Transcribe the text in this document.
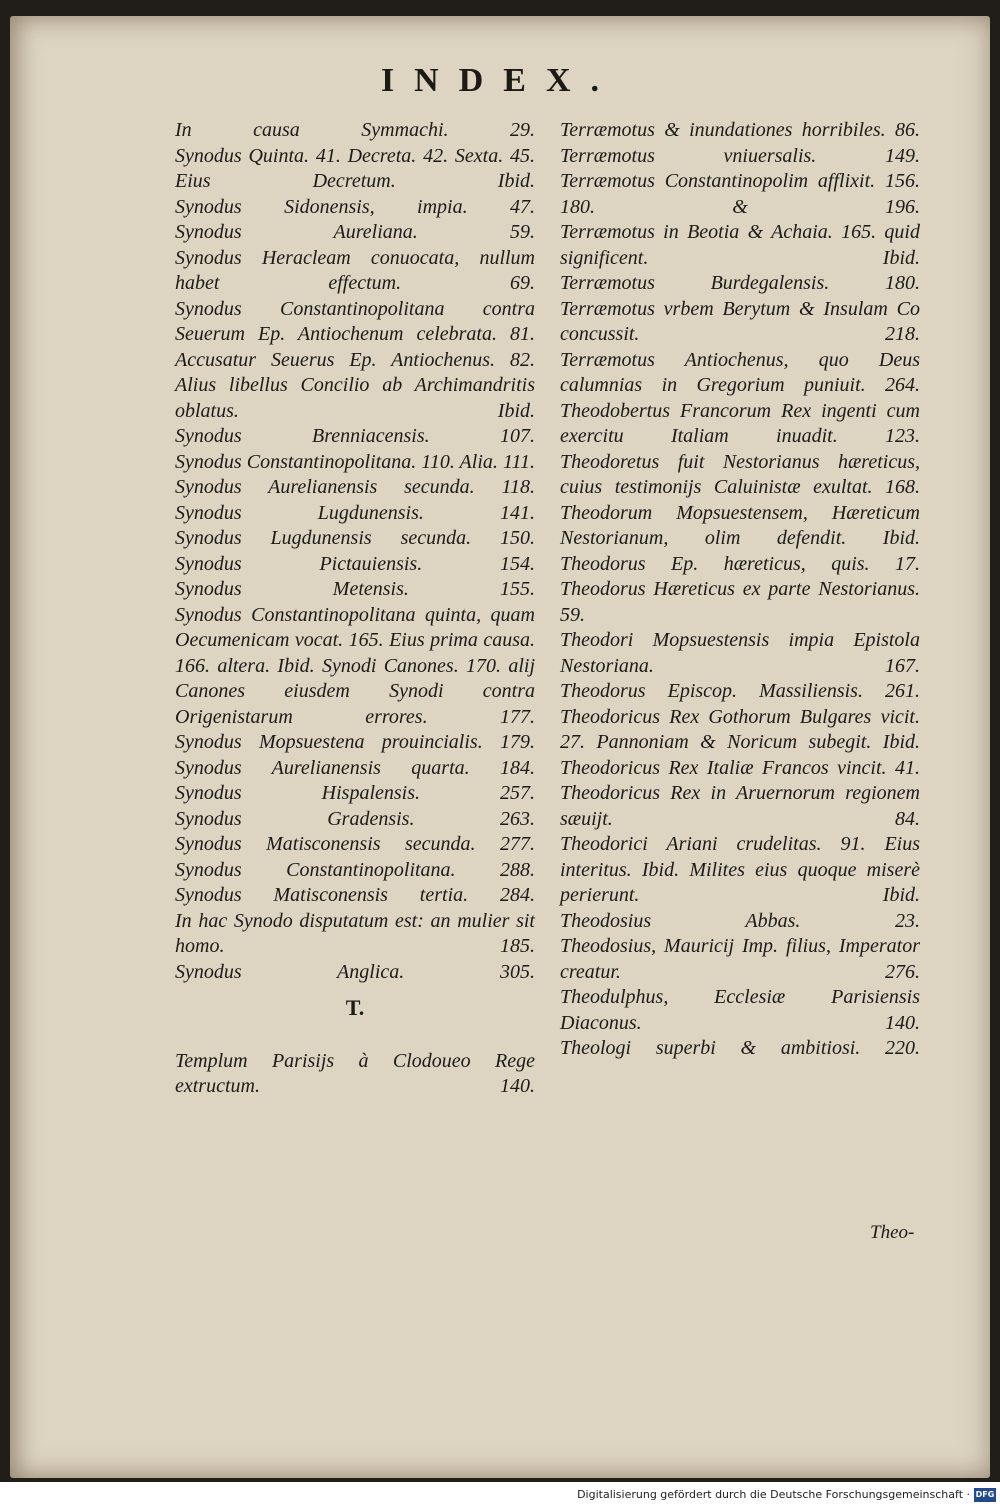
INDEX.
In causa Symmachi.	29.
Synodus Quinta. 41. Decreta. 42. Sexta. 45. Eius Decretum.	Ibid.
Synodus Sidonensis, impia. 47.
Synodus Aureliana.	59.
Synodus Heracleam conuocata, nullum habet effectum.	69.
Synodus Constantinopolitana contra Seuerum Ep. Antiochenum celebrata. 81. Accusatur Seuerus Ep. Antiochenus. 82. Alius libellus Concilio ab Archimandritis oblatus.	Ibid.
Synodus Brenniacensis.	107.
Synodus Constantinopolitana. 110. Alia. 111.
Synodus Aurelianensis secunda. 118.
Synodus Lugdunensis.	141.
Synodus Lugdunensis secunda. 150.
Synodus Pictauiensis.	154.
Synodus Metensis.	155.
Synodus Constantinopolitana quinta, quam Oecumenicam vocat. 165. Eius prima causa. 166. altera. Ibid. Synodi Canones. 170. alij Canones eiusdem Synodi contra Origenistarum errores.	177.
Synodus Mopsuestena prouincialis. 179.
Synodus Aurelianensis quarta. 184.
Synodus Hispalensis.	257.
Synodus Gradensis.	263.
Synodus Matisconensis secunda. 277.
Synodus Constantinopolitana. 288.
Synodus Matisconensis tertia. 284.
In hac Synodo disputatum est: an mulier sit homo.	185.
Synodus Anglica.	305.
T.
Templum Parisijs à Clodoueo Rege extructum.	140.
Terræmotus & inundationes horribiles. 86.
Terræmotus vniuersalis.	149.
Terræmotus Constantinopolim afflixit. 156. 180. & 196.
Terræmotus in Beotia & Achaia. 165. quid significent.	Ibid.
Terræmotus Burdegalensis.	180.
Terræmotus vrbem Berytum & Insulam Co concussit.	218.
Terræmotus Antiochenus, quo Deus calumnias in Gregorium puniuit. 264.
Theodobertus Francorum Rex ingenti cum exercitu Italiam inuadit. 123.
Theodoretus fuit Nestorianus hæreticus, cuius testimonijs Caluinistæ exultat. 168. Theodorum Mopsuestensem, Hæreticum Nestorianum, olim defendit. Ibid.
Theodorus Ep. hæreticus, quis. 17.
Theodorus Hæreticus ex parte Nestorianus. 59.
Theodori Mopsuestensis impia Epistola Nestoriana.	167.
Theodorus Episcop. Massiliensis. 261.
Theodoricus Rex Gothorum Bulgares vicit. 27. Pannoniam & Noricum subegit. Ibid.
Theodoricus Rex Italiæ Francos vincit. 41.
Theodoricus Rex in Aruernorum regionem sæuijt.	84.
Theodorici Ariani crudelitas. 91. Eius interitus. Ibid. Milites eius quoque miserè perierunt.	Ibid.
Theodosius Abbas.	23.
Theodosius, Mauricij Imp. filius, Imperator creatur.	276.
Theodulphus, Ecclesiæ Parisiensis Diaconus.	140.
Theologi superbi & ambitiosi. 220.
Theo-
Digitalisierung gefördert durch die Deutsche Forschungsgemeinschaft · DFG
